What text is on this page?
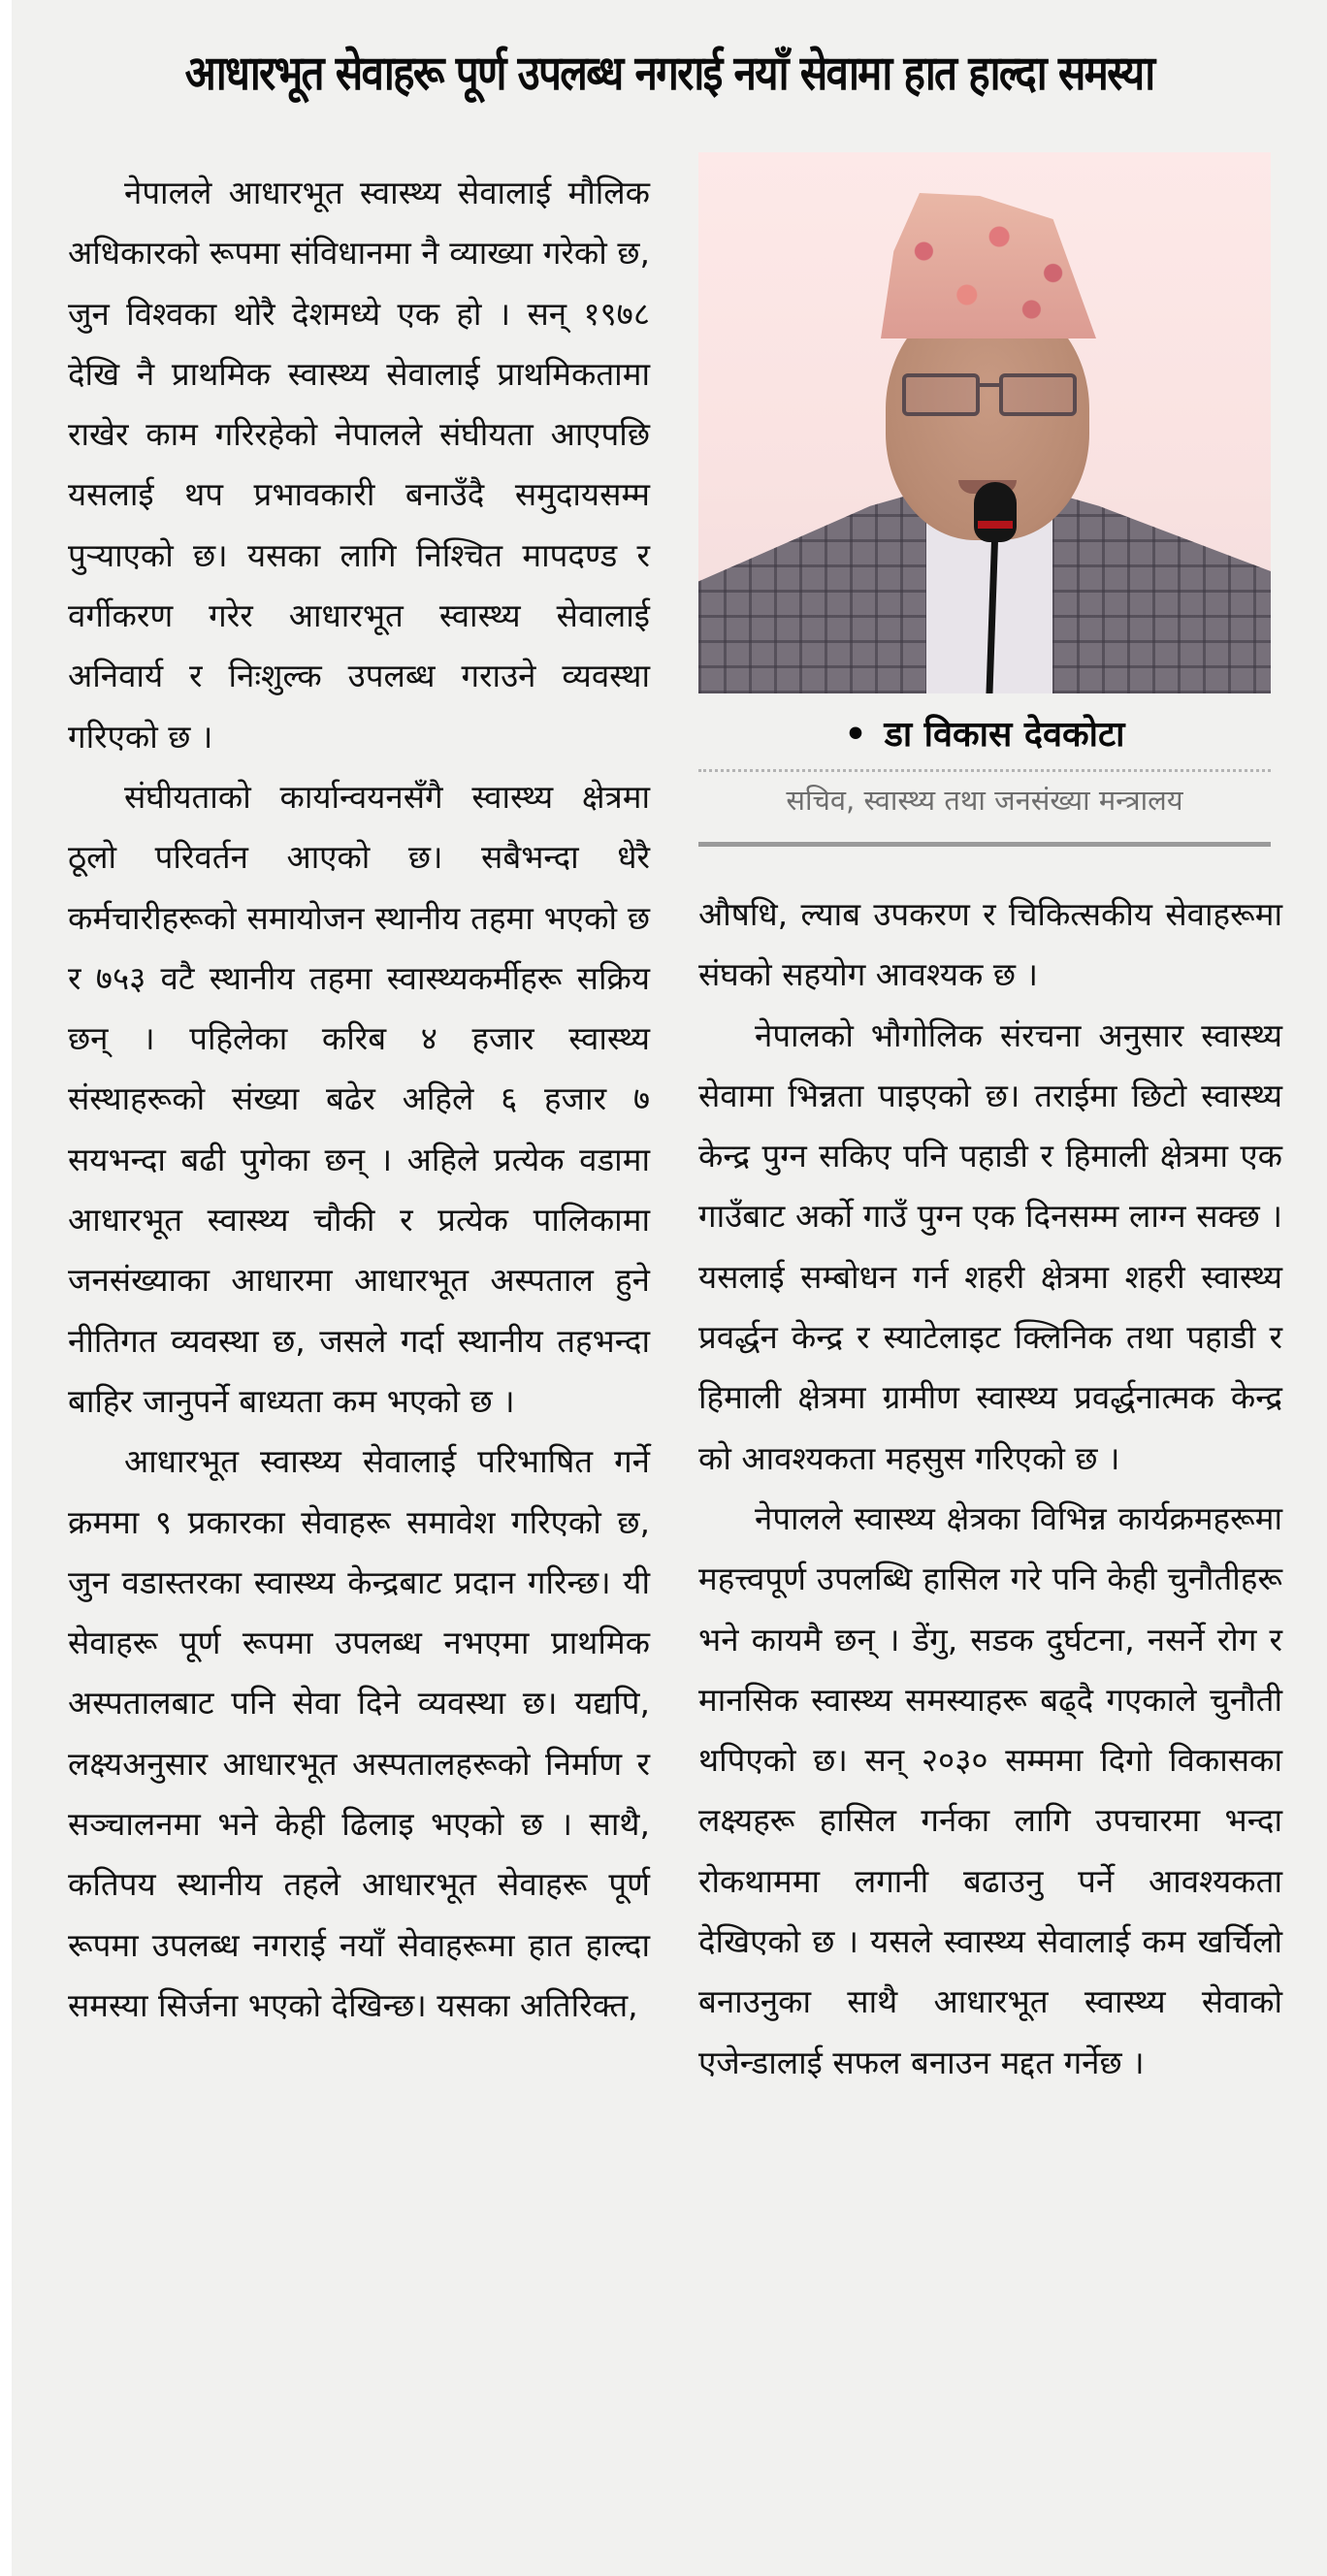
आधारभूत सेवाहरू पूर्ण उपलब्ध नगराई नयाँ सेवामा हात हाल्दा समस्या

नेपालले आधारभूत स्वास्थ्य सेवालाई मौलिक अधिकारको रूपमा संविधानमा नै व्याख्या गरेको छ, जुन विश्वका थोरै देशमध्ये एक हो । सन् १९७८ देखि नै प्राथमिक स्वास्थ्य सेवालाई प्राथमिकतामा राखेर काम गरिरहेको नेपालले संघीयता आएपछि यसलाई थप प्रभावकारी बनाउँदै समुदायसम्म पुर्‍याएको छ। यसका लागि निश्चित मापदण्ड र वर्गीकरण गरेर आधारभूत स्वास्थ्य सेवालाई अनिवार्य र निःशुल्क उपलब्ध गराउने व्यवस्था गरिएको छ ।

संघीयताको कार्यान्वयनसँगै स्वास्थ्य क्षेत्रमा ठूलो परिवर्तन आएको छ। सबैभन्दा धेरै कर्मचारीहरूको समायोजन स्थानीय तहमा भएको छ र ७५३ वटै स्थानीय तहमा स्वास्थ्यकर्मीहरू सक्रिय छन् । पहिलेका करिब ४ हजार स्वास्थ्य संस्थाहरूको संख्या बढेर अहिले ६ हजार ७ सयभन्दा बढी पुगेका छन् । अहिले प्रत्येक वडामा आधारभूत स्वास्थ्य चौकी र प्रत्येक पालिकामा जनसंख्याका आधारमा आधारभूत अस्पताल हुने नीतिगत व्यवस्था छ, जसले गर्दा स्थानीय तहभन्दा बाहिर जानुपर्ने बाध्यता कम भएको छ ।

आधारभूत स्वास्थ्य सेवालाई परिभाषित गर्ने क्रममा ९ प्रकारका सेवाहरू समावेश गरिएको छ, जुन वडास्तरका स्वास्थ्य केन्द्रबाट प्रदान गरिन्छ। यी सेवाहरू पूर्ण रूपमा उपलब्ध नभएमा प्राथमिक अस्पतालबाट पनि सेवा दिने व्यवस्था छ। यद्यपि, लक्ष्यअनुसार आधारभूत अस्पतालहरूको निर्माण र सञ्चालनमा भने केही ढिलाइ भएको छ । साथै, कतिपय स्थानीय तहले आधारभूत सेवाहरू पूर्ण रूपमा उपलब्ध नगराई नयाँ सेवाहरूमा हात हाल्दा समस्या सिर्जना भएको देखिन्छ। यसका अतिरिक्त,

• डा विकास देवकोटा
सचिव, स्वास्थ्य तथा जनसंख्या मन्त्रालय

औषधि, ल्याब उपकरण र चिकित्सकीय सेवाहरूमा संघको सहयोग आवश्यक छ ।

नेपालको भौगोलिक संरचना अनुसार स्वास्थ्य सेवामा भिन्नता पाइएको छ। तराईमा छिटो स्वास्थ्य केन्द्र पुग्न सकिए पनि पहाडी र हिमाली क्षेत्रमा एक गाउँबाट अर्को गाउँ पुग्न एक दिनसम्म लाग्न सक्छ । यसलाई सम्बोधन गर्न शहरी क्षेत्रमा शहरी स्वास्थ्य प्रवर्द्धन केन्द्र र स्याटेलाइट क्लिनिक तथा पहाडी र हिमाली क्षेत्रमा ग्रामीण स्वास्थ्य प्रवर्द्धनात्मक केन्द्र को आवश्यकता महसुस गरिएको छ ।

नेपालले स्वास्थ्य क्षेत्रका विभिन्न कार्यक्रमहरूमा महत्त्वपूर्ण उपलब्धि हासिल गरे पनि केही चुनौतीहरू भने कायमै छन् । डेंगु, सडक दुर्घटना, नसर्ने रोग र मानसिक स्वास्थ्य समस्याहरू बढ्दै गएकाले चुनौती थपिएको छ। सन् २०३० सम्ममा दिगो विकासका लक्ष्यहरू हासिल गर्नका लागि उपचारमा भन्दा रोकथाममा लगानी बढाउनु पर्ने आवश्यकता देखिएको छ । यसले स्वास्थ्य सेवालाई कम खर्चिलो बनाउनुका साथै आधारभूत स्वास्थ्य सेवाको एजेन्डालाई सफल बनाउन मद्दत गर्नेछ ।
